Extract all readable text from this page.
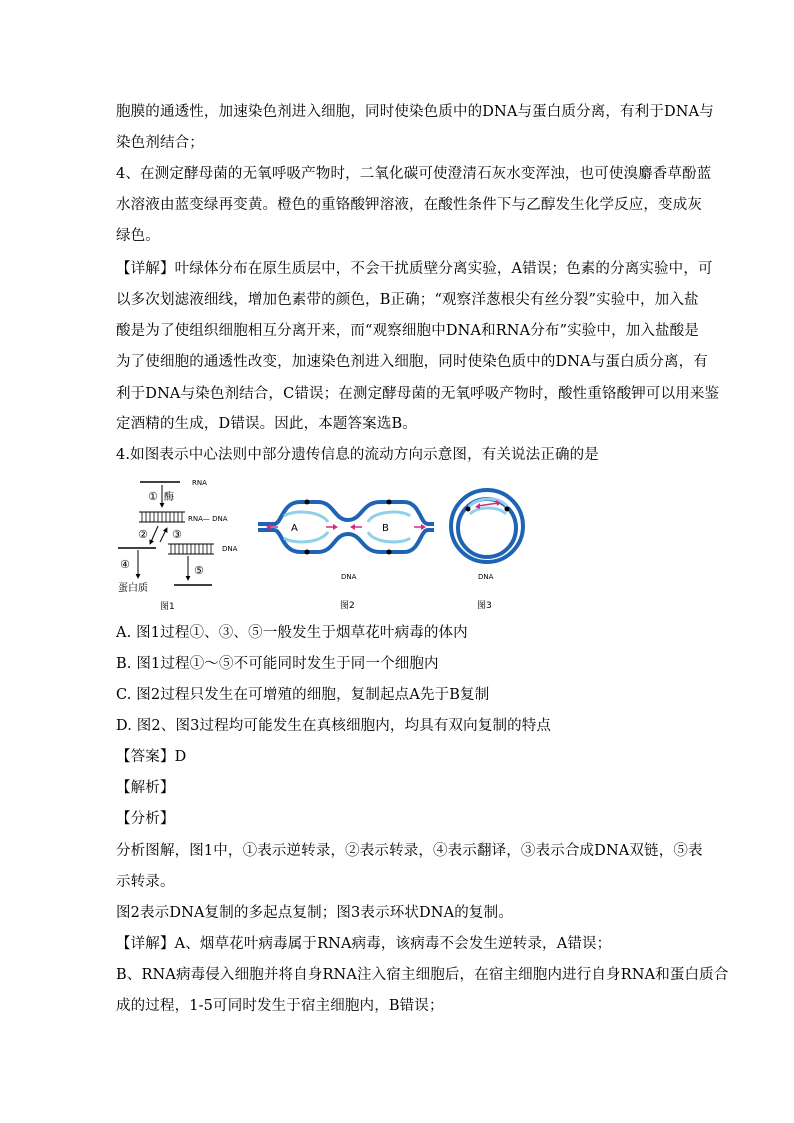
胞膜的通透性，加速染色剂进入细胞，同时使染色质中的DNA与蛋白质分离，有利于DNA与
染色剂结合；
4、在测定酵母菌的无氧呼吸产物时，二氧化碳可使澄清石灰水变浑浊，也可使溴麝香草酚蓝
水溶液由蓝变绿再变黄。橙色的重铬酸钾溶液，在酸性条件下与乙醇发生化学反应，变成灰
绿色。
【详解】叶绿体分布在原生质层中，不会干扰质壁分离实验，A错误；色素的分离实验中，可
以多次划滤液细线，增加色素带的颜色，B正确；“观察洋葱根尖有丝分裂”实验中，加入盐
酸是为了使组织细胞相互分离开来，而“观察细胞中DNA和RNA分布”实验中，加入盐酸是
为了使细胞的通透性改变，加速染色剂进入细胞，同时使染色质中的DNA与蛋白质分离，有
利于DNA与染色剂结合，C错误；在测定酵母菌的无氧呼吸产物时，酸性重铬酸钾可以用来鉴
定酒精的生成，D错误。因此，本题答案选B。
4.如图表示中心法则中部分遗传信息的流动方向示意图，有关说法正确的是
RNA
① 酶
RNA— DNA
② ③
DNA
④
蛋白质
⑤
图1
A	B
DNA
图2
DNA
图3
A. 图1过程①、③、⑤一般发生于烟草花叶病毒的体内
B. 图1过程①～⑤不可能同时发生于同一个细胞内
C. 图2过程只发生在可增殖的细胞，复制起点A先于B复制
D. 图2、图3过程均可能发生在真核细胞内，均具有双向复制的特点
【答案】D
【解析】
【分析】
分析图解，图1中，①表示逆转录，②表示转录，④表示翻译，③表示合成DNA双链，⑤表
示转录。
图2表示DNA复制的多起点复制；图3表示环状DNA的复制。
【详解】A、烟草花叶病毒属于RNA病毒，该病毒不会发生逆转录，A错误；
B、RNA病毒侵入细胞并将自身RNA注入宿主细胞后，在宿主细胞内进行自身RNA和蛋白质合
成的过程，1-5可同时发生于宿主细胞内，B错误；
